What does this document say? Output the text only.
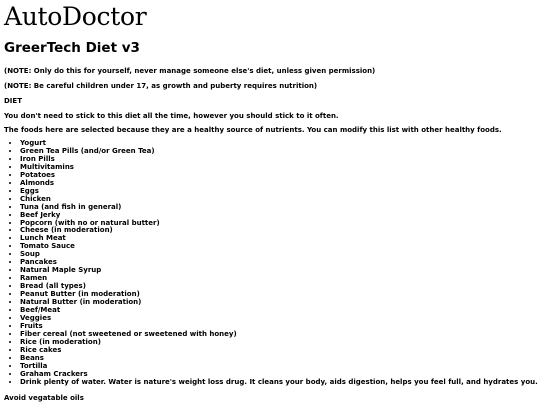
AutoDoctor
GreerTech Diet v3

(NOTE: Only do this for yourself, never manage someone else's diet, unless given permission)

(NOTE: Be careful children under 17, as growth and puberty requires nutrition)

DIET

You don't need to stick to this diet all the time, however you should stick to it often.

The foods here are selected because they are a healthy source of nutrients. You can modify this list with other healthy foods.

• Yogurt
• Green Tea Pills (and/or Green Tea)
• Iron Pills
• Multivitamins
• Potatoes
• Almonds
• Eggs
• Chicken
• Tuna (and fish in general)
• Beef Jerky
• Popcorn (with no or natural butter)
• Cheese (in moderation)
• Lunch Meat
• Tomato Sauce
• Soup
• Pancakes
• Natural Maple Syrup
• Ramen
• Bread (all types)
• Peanut Butter (in moderation)
• Natural Butter (in moderation)
• Beef/Meat
• Veggies
• Fruits
• Fiber cereal (not sweetened or sweetened with honey)
• Rice (in moderation)
• Rice cakes
• Beans
• Tortilla
• Graham Crackers
• Drink plenty of water. Water is nature's weight loss drug. It cleans your body, aids digestion, helps you feel full, and hydrates you.

Avoid vegatable oils
